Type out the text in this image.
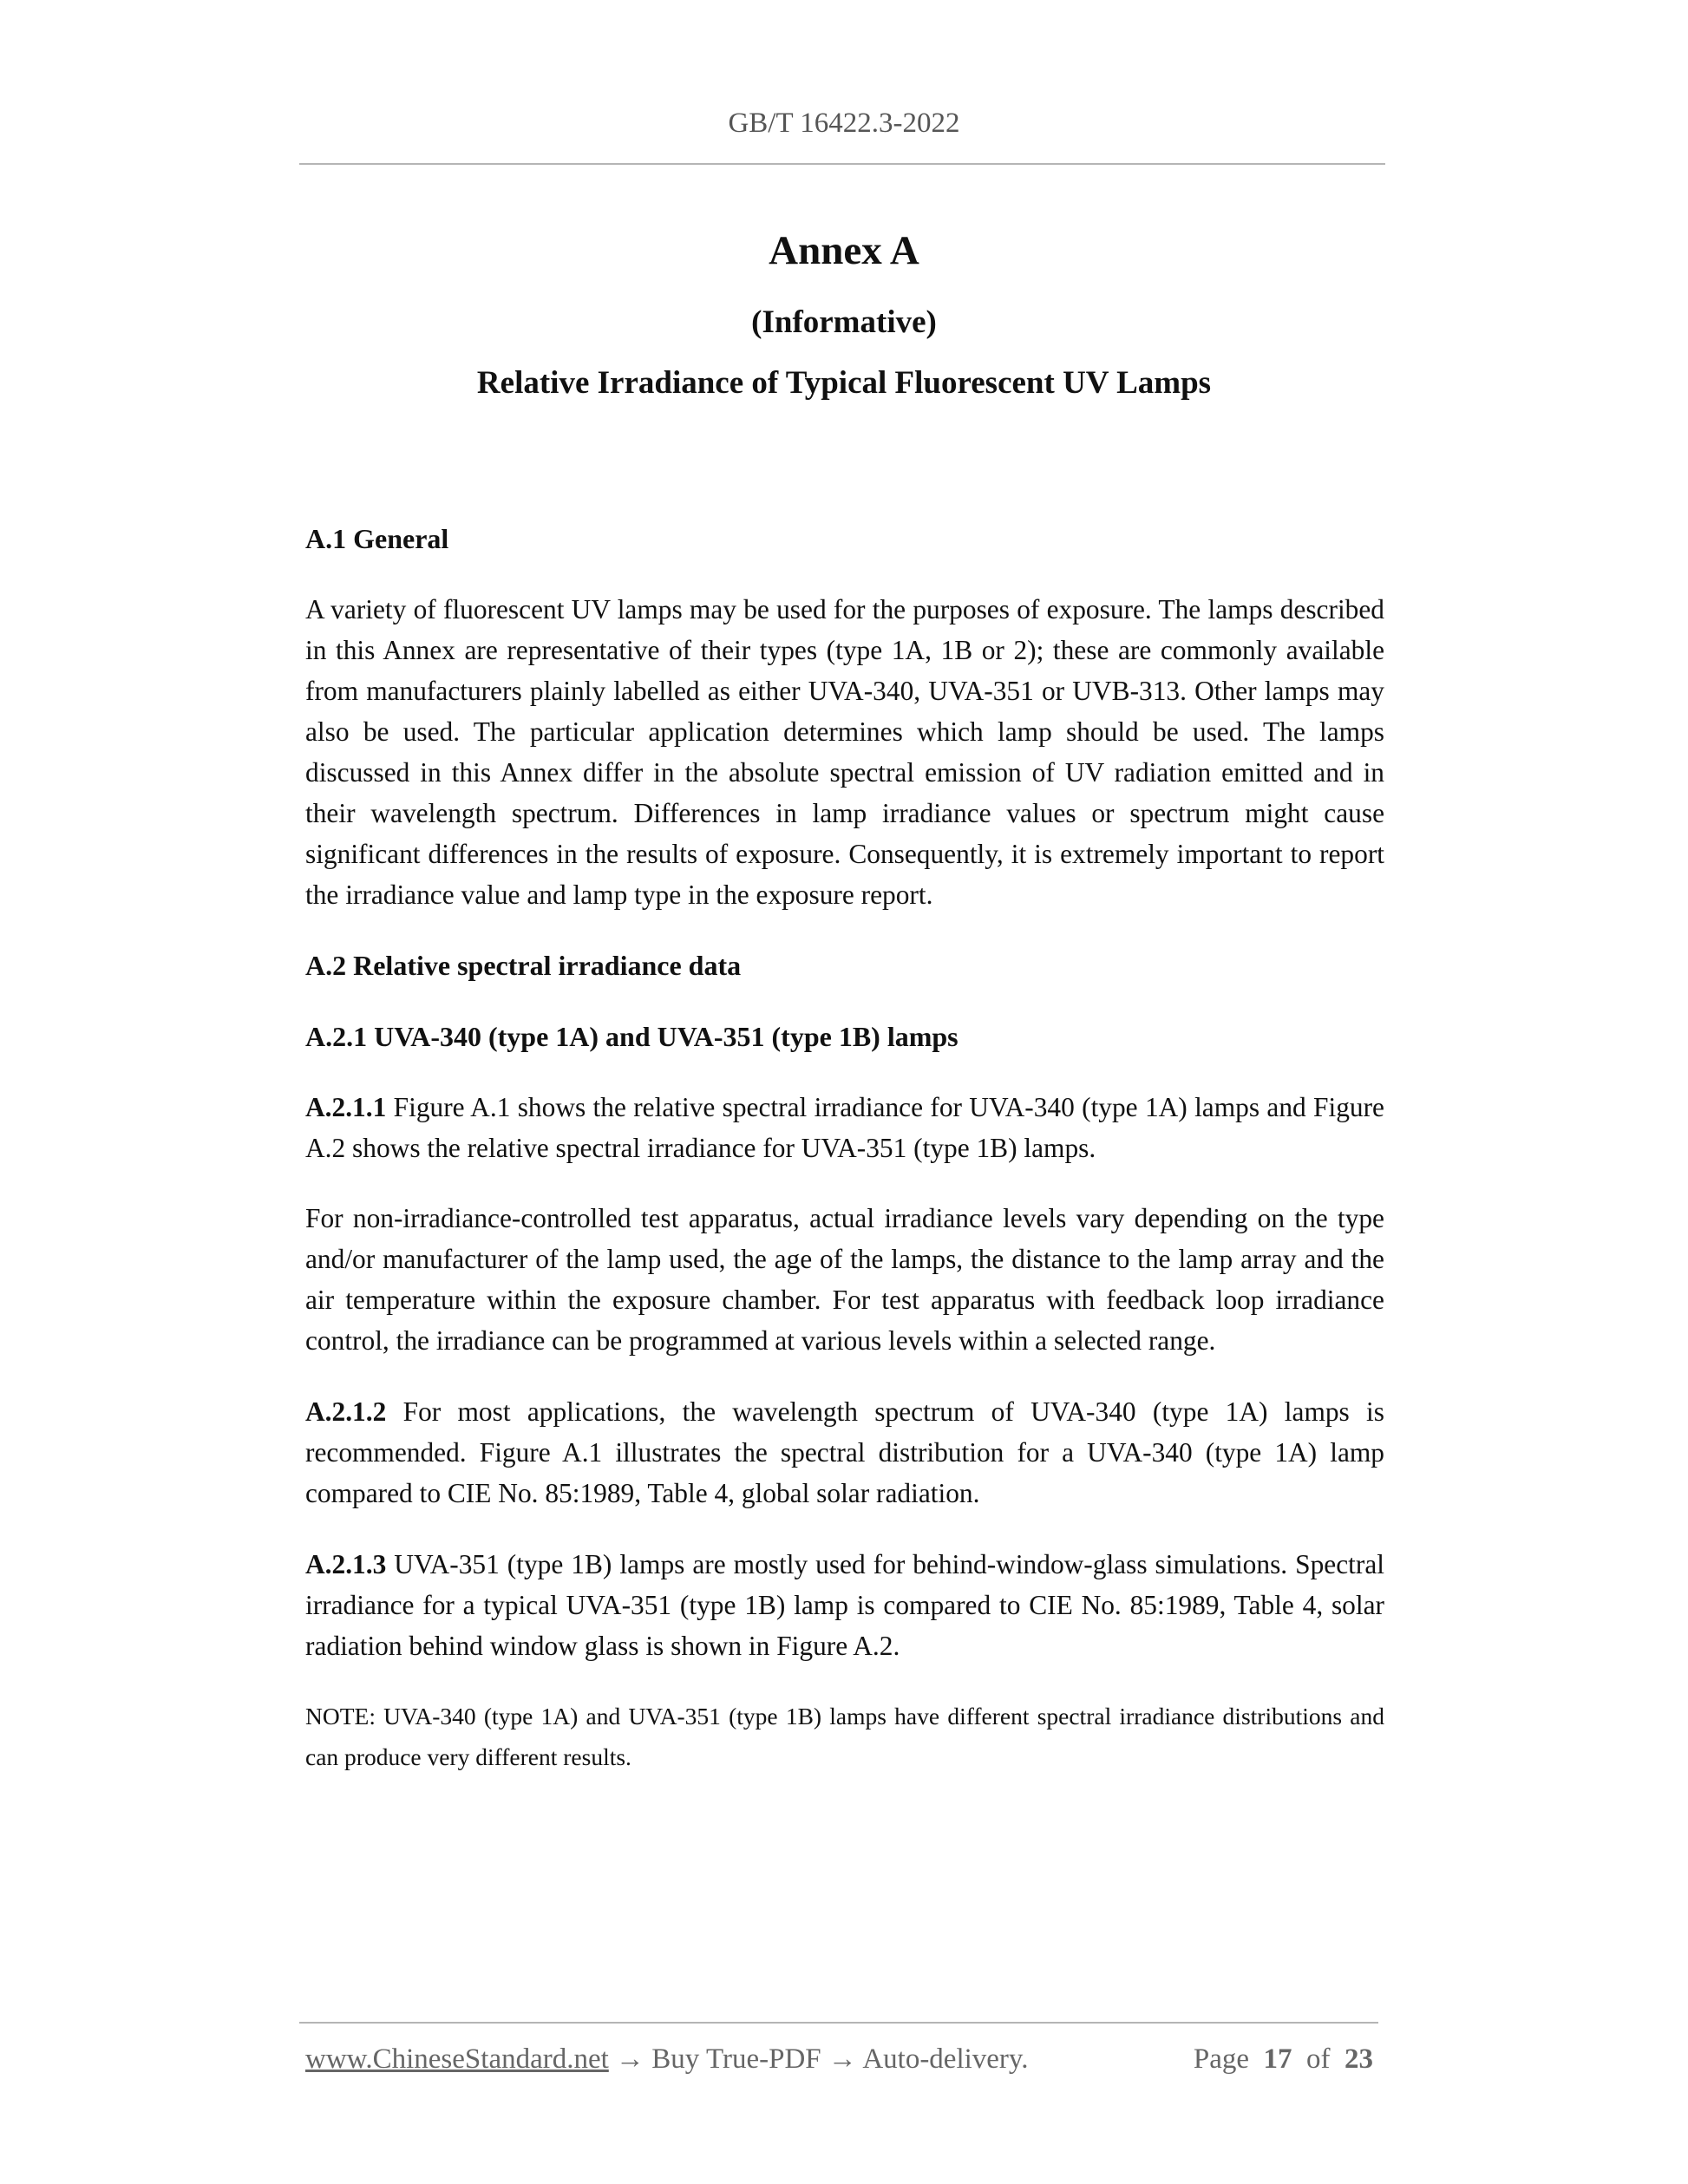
GB/T 16422.3-2022
Annex A
(Informative)
Relative Irradiance of Typical Fluorescent UV Lamps
A.1 General

A variety of fluorescent UV lamps may be used for the purposes of exposure. The lamps described in this Annex are representative of their types (type 1A, 1B or 2); these are commonly available from manufacturers plainly labelled as either UVA-340, UVA-351 or UVB-313. Other lamps may also be used. The particular application determines which lamp should be used. The lamps discussed in this Annex differ in the absolute spectral emission of UV radiation emitted and in their wavelength spectrum. Differences in lamp irradiance values or spectrum might cause significant differences in the results of exposure. Consequently, it is extremely important to report the irradiance value and lamp type in the exposure report.

A.2 Relative spectral irradiance data
A.2.1 UVA-340 (type 1A) and UVA-351 (type 1B) lamps

A.2.1.1 Figure A.1 shows the relative spectral irradiance for UVA-340 (type 1A) lamps and Figure A.2 shows the relative spectral irradiance for UVA-351 (type 1B) lamps.

For non-irradiance-controlled test apparatus, actual irradiance levels vary depending on the type and/or manufacturer of the lamp used, the age of the lamps, the distance to the lamp array and the air temperature within the exposure chamber. For test apparatus with feedback loop irradiance control, the irradiance can be programmed at various levels within a selected range.

A.2.1.2 For most applications, the wavelength spectrum of UVA-340 (type 1A) lamps is recommended. Figure A.1 illustrates the spectral distribution for a UVA-340 (type 1A) lamp compared to CIE No. 85:1989, Table 4, global solar radiation.

A.2.1.3 UVA-351 (type 1B) lamps are mostly used for behind-window-glass simulations. Spectral irradiance for a typical UVA-351 (type 1B) lamp is compared to CIE No. 85:1989, Table 4, solar radiation behind window glass is shown in Figure A.2.

NOTE: UVA-340 (type 1A) and UVA-351 (type 1B) lamps have different spectral irradiance distributions and can produce very different results.

www.ChineseStandard.net → Buy True-PDF → Auto-delivery.	Page 17 of 23
